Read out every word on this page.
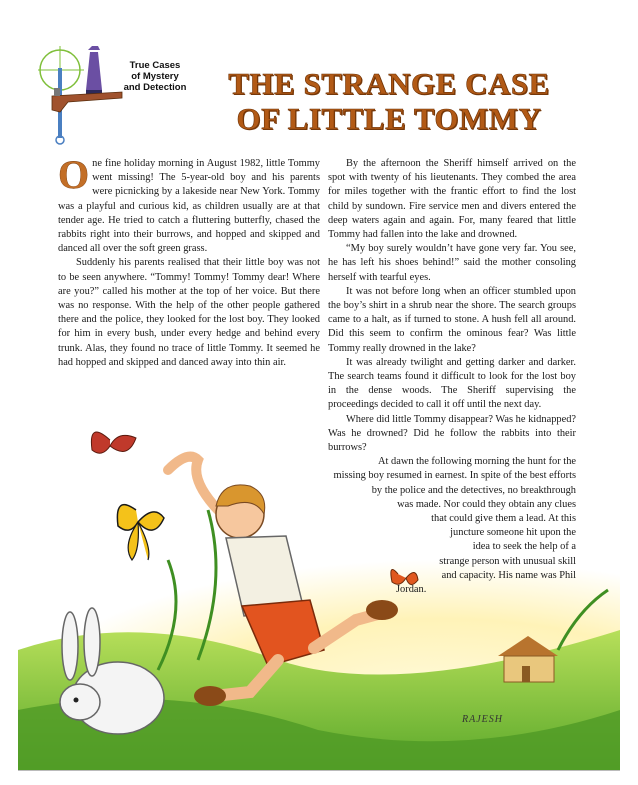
True Cases
of Mystery
and Detection	THE STRANGE CASE
OF LITTLE TOMMY

One fine holiday morning in August 1982, little Tommy went missing! The 5-year-old boy and his parents were picnicking by a lakeside near New York. Tommy was a playful and curious kid, as children usually are at that tender age. He tried to catch a fluttering butterfly, chased the rabbits right into their burrows, and hopped and skipped and danced all over the soft green grass.

Suddenly his parents realised that their little boy was not to be seen anywhere. “Tommy! Tommy! Tommy dear! Where are you?” called his mother at the top of her voice. But there was no response. With the help of the other people gathered there and the police, they looked for the lost boy. They looked for him in every bush, under every hedge and behind every trunk. Alas, they found no trace of little Tommy. It seemed he had hopped and skipped and danced away into thin air.

By the afternoon the Sheriff himself arrived on the spot with twenty of his lieutenants. They combed the area for miles together with the frantic effort to find the lost child by sundown. Fire service men and divers entered the deep waters again and again. For, many feared that little Tommy had fallen into the lake and drowned.

“My boy surely wouldn’t have gone very far. You see, he has left his shoes behind!” said the mother consoling herself with tearful eyes.

It was not before long when an officer stumbled upon the boy’s shirt in a shrub near the shore. The search groups came to a halt, as if turned to stone. A hush fell all around. Did this seem to confirm the ominous fear? Was little Tommy really drowned in the lake?

It was already twilight and getting darker and darker. The search teams found it difficult to look for the lost boy in the dense woods. The Sheriff supervising the proceedings decided to call it off until the next day.

Where did little Tommy disappear? Was he kidnapped? Was he drowned? Did he follow the rabbits into their burrows?

At dawn the following morning the hunt for the
missing boy resumed in earnest. In spite of the best efforts
by the police and the detectives, no breakthrough
was made. Nor could they obtain any clues
that could give them a lead. At this
juncture someone hit upon the
idea to seek the help of a
strange person with unusual skill
and capacity. His name was Phil
Jordan.
RAJESH
